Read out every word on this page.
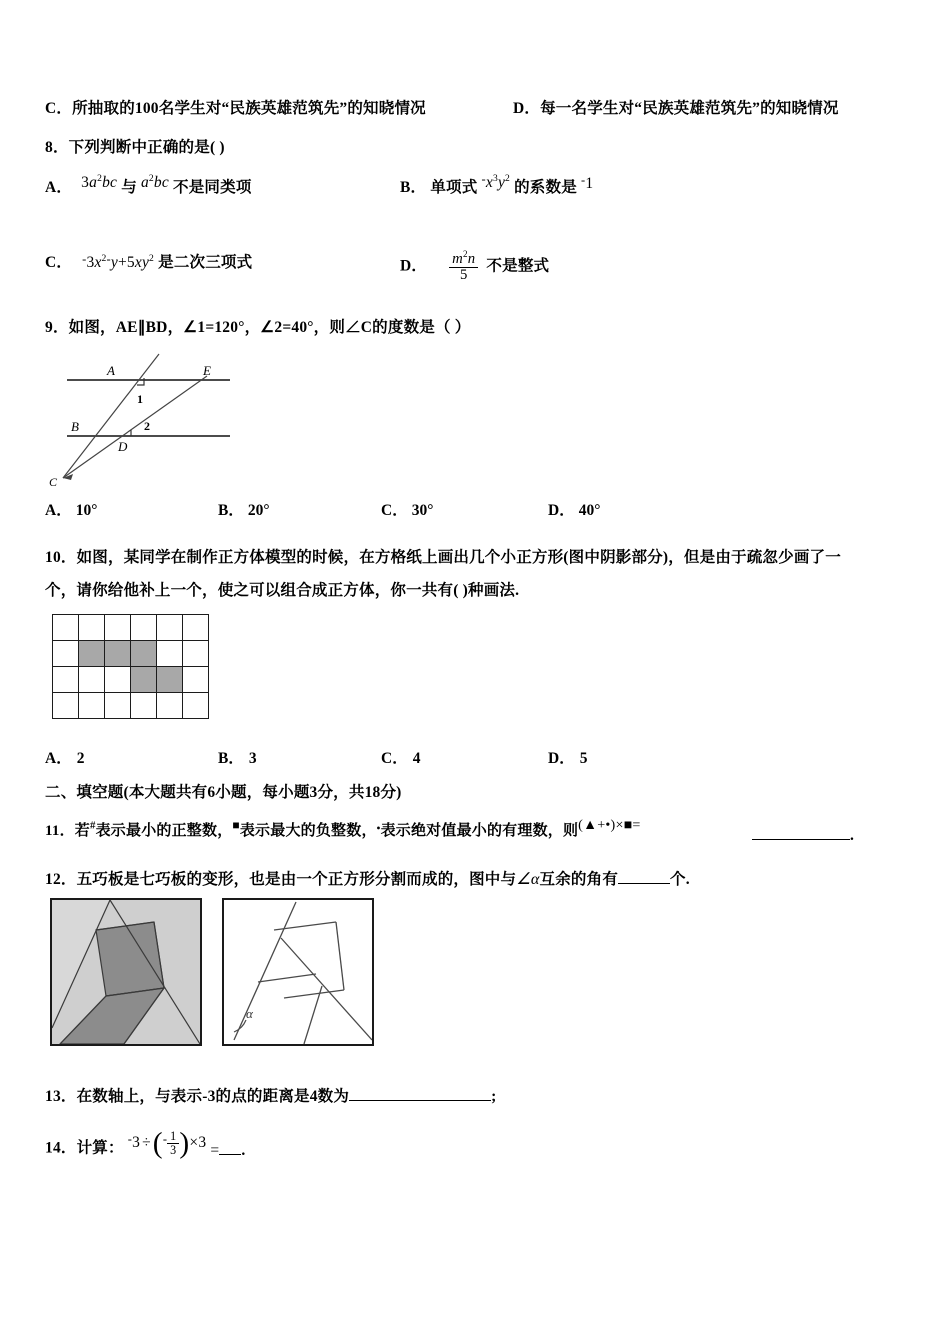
C．所抽取的100名学生对“民族英雄范筑先”的知晓情况	D．每一名学生对“民族英雄范筑先”的知晓情况
8．下列判断中正确的是( )
A． $3a^2bc$ 与 $a^2bc$ 不是同类项	B． 单项式 $^-x^3y^2$ 的系数是 -1
C． $^-3x^{2-}y+5xy^2$ 是二次三项式	D． $\frac{m^2n}{5}$ 不是整式
9．如图，AE∥BD，∠1=120°，∠2=40°，则∠C的度数是（ ）
A	E
1
B	2
D
C
A． 10°	B． 20°	C． 30°	D． 40°
10．如图，某同学在制作正方体模型的时候，在方格纸上画出几个小正方形(图中阴影部分)，但是由于疏忽少画了一
个，请你给他补上一个，使之可以组合成正方体，你一共有( )种画法.

A． 2	B． 3	C． 4	D． 5
二、填空题(本大题共有6小题，每小题3分，共18分)
11．若#表示最小的正整数，■表示最大的负整数，•表示绝对值最小的有理数，则(▲+•)×■=
.
12．五巧板是七巧板的变形，也是由一个正方形分割而成的，图中与∠α互余的角有	个.
α
13．在数轴上，与表示-3的点的距离是4数为	;
14．计算： $^-3 \div(^- \frac{1}{3} )\times 3$ = .
